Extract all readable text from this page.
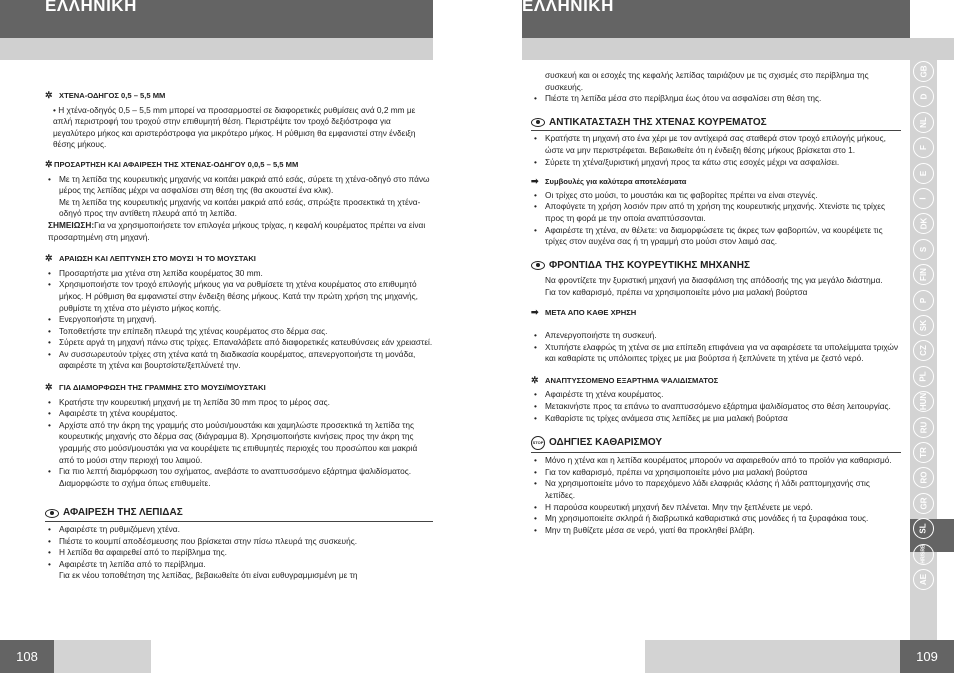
ΕΛΛΗΝΙΚΗ	ΕΛΛΗΝΙΚΗ

✲ ΧΤΕΝΑ-ΟΔΗΓΟΣ 0,5 – 5,5 MM

• Η χτένα-οδηγός 0,5 – 5,5 mm μπορεί να προσαρμοστεί σε διαφορετικές ρυθμίσεις ανά 0,2 mm με απλή περιστροφή του τροχού στην επιθυμητή θέση. Περιστρέψτε τον τροχό δεξιόστροφα για μεγαλύτερο μήκος και αριστερόστροφα για μικρότερο μήκος. Η ρύθμιση θα εμφανιστεί στην ένδειξη θέσης μήκους.

✲ ΠΡΟΣΑΡΤΗΣΗ ΚΑΙ ΑΦΑΙΡΕΣΗ ΤΗΣ ΧΤΕΝΑΣ-ΟΔΗΓΟΥ 0,0,5 – 5,5 MM

• Με τη λεπίδα της κουρευτικής μηχανής να κοιτάει μακριά από εσάς, σύρετε τη χτένα-οδηγό στο πάνω μέρος της λεπίδας μέχρι να ασφαλίσει στη θέση της (θα ακουστεί ένα κλικ).

Με τη λεπίδα της κουρευτικής μηχανής να κοιτάει μακριά από εσάς, σπρώξτε προσεκτικά τη χτένα-οδηγό προς την αντίθετη πλευρά από τη λεπίδα.

ΣΗΜΕΙΩΣΗ:Για να χρησιμοποιήσετε τον επιλογέα μήκους τρίχας, η κεφαλή κουρέματος πρέπει να είναι προσαρτημένη στη μηχανή.

✲ ΑΡΑΙΩΣΗ ΚΑΙ ΛΕΠΤΥΝΣΗ ΣΤΟ ΜΟΥΣΙ Ή ΤΟ ΜΟΥΣΤΑΚΙ

• Προσαρτήστε μια χτένα στη λεπίδα κουρέματος 30 mm.
• Χρησιμοποιήστε τον τροχό επιλογής μήκους για να ρυθμίσετε τη χτένα κουρέματος στο επιθυμητό μήκος. Η ρύθμιση θα εμφανιστεί στην ένδειξη θέσης μήκους. Κατά την πρώτη χρήση της μηχανής, ρυθμίστε τη χτένα στο μέγιστο μήκος κοπής.
• Ενεργοποιήστε τη μηχανή.
• Τοποθετήστε την επίπεδη πλευρά της χτένας κουρέματος στο δέρμα σας.
• Σύρετε αργά τη μηχανή πάνω στις τρίχες. Επαναλάβετε από διαφορετικές κατευθύνσεις εάν χρειαστεί.
• Αν συσσωρευτούν τρίχες στη χτένα κατά τη διαδικασία κουρέματος, απενεργοποιήστε τη μονάδα, αφαιρέστε τη χτένα και βουρτσίστε/ξεπλύνετέ την.

✲ ΓΙΑ ΔΙΑΜΟΡΦΩΣΗ ΤΗΣ ΓΡΑΜΜΗΣ ΣΤΟ ΜΟΥΣΙ/ΜΟΥΣΤΑΚΙ

• Κρατήστε την κουρευτική μηχανή με τη λεπίδα 30 mm προς το μέρος σας.
• Αφαιρέστε τη χτένα κουρέματος.
• Αρχίστε από την άκρη της γραμμής στο μούσι/μουστάκι και χαμηλώστε προσεκτικά τη λεπίδα της κουρευτικής μηχανής στο δέρμα σας (διάγραμμα 8). Χρησιμοποιήστε κινήσεις προς την άκρη της γραμμής στο μούσι/μουστάκι για να κουρέψετε τις επιθυμητές περιοχές του προσώπου και μακριά από το μούσι στην περιοχή του λαιμού.
• Για πιο λεπτή διαμόρφωση του σχήματος, ανεβάστε το αναπτυσσόμενο εξάρτημα ψαλιδίσματος. Διαμορφώστε το σχήμα όπως επιθυμείτε.
ΑΦΑΙΡΕΣΗ ΤΗΣ ΛΕΠΙΔΑΣ
• Αφαιρέστε τη ρυθμιζόμενη χτένα.
• Πιέστε το κουμπί αποδέσμευσης που βρίσκεται στην πίσω πλευρά της συσκευής.
• Η λεπίδα θα αφαιρεθεί από το περίβλημα της.
• Αφαιρέστε τη λεπίδα από το περίβλημα.

Για εκ νέου τοποθέτηση της λεπίδας, βεβαιωθείτε ότι είναι ευθυγραμμισμένη με τη

συσκευή και οι εσοχές της κεφαλής λεπίδας ταιριάζουν με τις σχισμές στο περίβλημα της συσκευής.

• Πιέστε τη λεπίδα μέσα στο περίβλημα έως ότου να ασφαλίσει στη θέση της.
ΑΝΤΙΚΑΤΑΣΤΑΣΗ ΤΗΣ ΧΤΕΝΑΣ ΚΟΥΡΕΜΑΤΟΣ
• Κρατήστε τη μηχανή στο ένα χέρι με τον αντίχειρά σας σταθερά στον τροχό επιλογής μήκους, ώστε να μην περιστρέφεται. Βεβαιωθείτε ότι η ένδειξη θέσης μήκους βρίσκεται στο 1.
• Σύρετε τη χτένα/ξυριστική μηχανή προς τα κάτω στις εσοχές μέχρι να ασφαλίσει.

➡ Συμβουλές για καλύτερα αποτελέσματα

• Οι τρίχες στο μούσι, το μουστάκι και τις φαβορίτες πρέπει να είναι στεγνές.
• Αποφύγετε τη χρήση λοσιόν πριν από τη χρήση της κουρευτικής μηχανής. Χτενίστε τις τρίχες προς τη φορά με την οποία αναπτύσσονται.
• Αφαιρέστε τη χτένα, αν θέλετε: να διαμορφώσετε τις άκρες των φαβοριτών, να κουρέψετε τις τρίχες στον αυχένα σας ή τη γραμμή στο μούσι στον λαιμό σας.
ΦΡΟΝΤΙΔΑ ΤΗΣ ΚΟΥΡΕΥΤΙΚΗΣ ΜΗΧΑΝΗΣ

Να φροντίζετε την ξυριστική μηχανή για διασφάλιση της απόδοσής της για μεγάλο διάστημα.

Για τον καθαρισμό, πρέπει να χρησιμοποιείτε μόνο μια μαλακή βούρτσα

➡ ΜΕΤΑ ΑΠΟ ΚΑΘΕ ΧΡΗΣΗ

• Απενεργοποιήστε τη συσκευή.
• Χτυπήστε ελαφρώς τη χτένα σε μια επίπεδη επιφάνεια για να αφαιρέσετε τα υπολείμματα τριχών και καθαρίστε τις υπόλοιπες τρίχες με μια βούρτσα ή ξεπλύνετε τη χτένα με ζεστό νερό.

✲ ΑΝΑΠΤΥΣΣΟΜΕΝΟ ΕΞΑΡΤΗΜΑ ΨΑΛΙΔΙΣΜΑΤΟΣ

• Αφαιρέστε τη χτένα κουρέματος.
• Μετακινήστε προς τα επάνω το αναπτυσσόμενο εξάρτημα ψαλιδίσματος στο θέση λειτουργίας.
• Καθαρίστε τις τρίχες ανάμεσα στις λεπίδες με μια μαλακή βούρτσα
STOP ΟΔΗΓΙΕΣ ΚΑΘΑΡΙΣΜΟΥ
• Μόνο η χτένα και η λεπίδα κουρέματος μπορούν να αφαιρεθούν από το προϊόν για καθαρισμό.
• Για τον καθαρισμό, πρέπει να χρησιμοποιείτε μόνο μια μαλακή βούρτσα
• Να χρησιμοποιείτε μόνο το παρεχόμενο λάδι ελαφριάς κλάσης ή λάδι ραπτομηχανής στις λεπίδες.
• Η παρούσα κουρευτική μηχανή δεν πλένεται. Μην την ξεπλένετε με νερό.
• Μη χρησιμοποιείτε σκληρά ή διαβρωτικά καθαριστικά στις μονάδες ή τα ξυραφάκια τους.
• Μην τη βυθίζετε μέσα σε νερό, γιατί θα προκληθεί βλάβη.
GB
D
NL
F
E
I
DK
S
FIN
P
SK
CZ
PL
HUN
RU
TR
RO
GR
SL
HR/SRB
AE
108	109
